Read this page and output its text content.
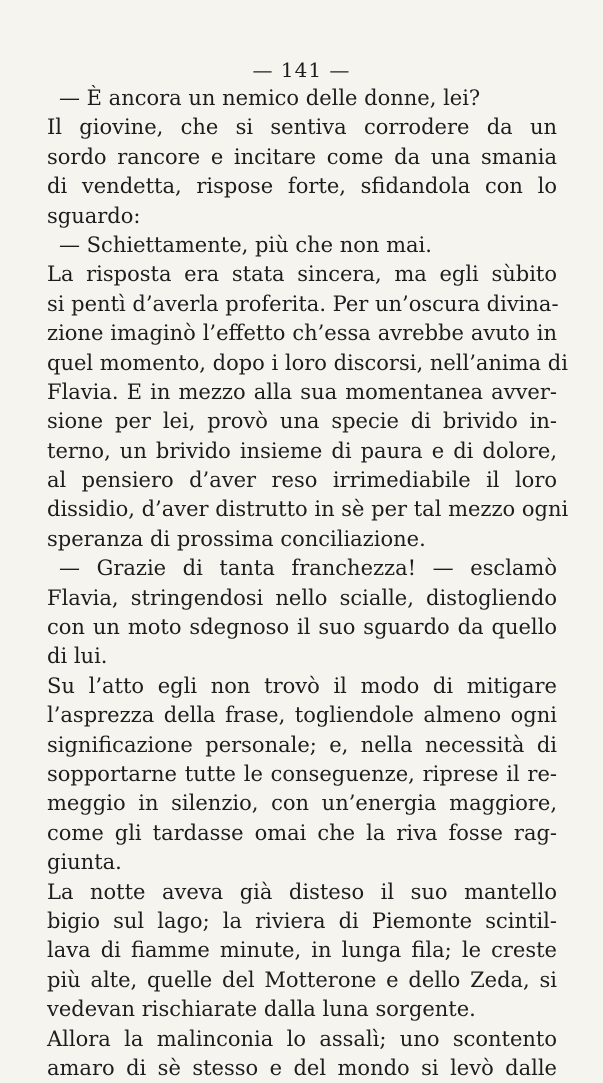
— 141 —
— È ancora un nemico delle donne, lei?
Il giovine, che si sentiva corrodere da un
sordo rancore e incitare come da una smania
di vendetta, rispose forte, sfidandola con lo
sguardo:
— Schiettamente, più che non mai.
La risposta era stata sincera, ma egli sùbito
si pentì d’averla proferita. Per un’oscura divina-
zione imaginò l’effetto ch’essa avrebbe avuto in
quel momento, dopo i loro discorsi, nell’anima di
Flavia. E in mezzo alla sua momentanea avver-
sione per lei, provò una specie di brivido in-
terno, un brivido insieme di paura e di dolore,
al pensiero d’aver reso irrimediabile il loro
dissidio, d’aver distrutto in sè per tal mezzo ogni
speranza di prossima conciliazione.
— Grazie di tanta franchezza! — esclamò
Flavia, stringendosi nello scialle, distogliendo
con un moto sdegnoso il suo sguardo da quello
di lui.
Su l’atto egli non trovò il modo di mitigare
l’asprezza della frase, togliendole almeno ogni
significazione personale; e, nella necessità di
sopportarne tutte le conseguenze, riprese il re-
meggio in silenzio, con un’energia maggiore,
come gli tardasse omai che la riva fosse rag-
giunta.
La notte aveva già disteso il suo mantello
bigio sul lago; la riviera di Piemonte scintil-
lava di fiamme minute, in lunga fila; le creste
più alte, quelle del Motterone e dello Zeda, si
vedevan rischiarate dalla luna sorgente.
Allora la malinconia lo assalì; uno scontento
amaro di sè stesso e del mondo si levò dalle
